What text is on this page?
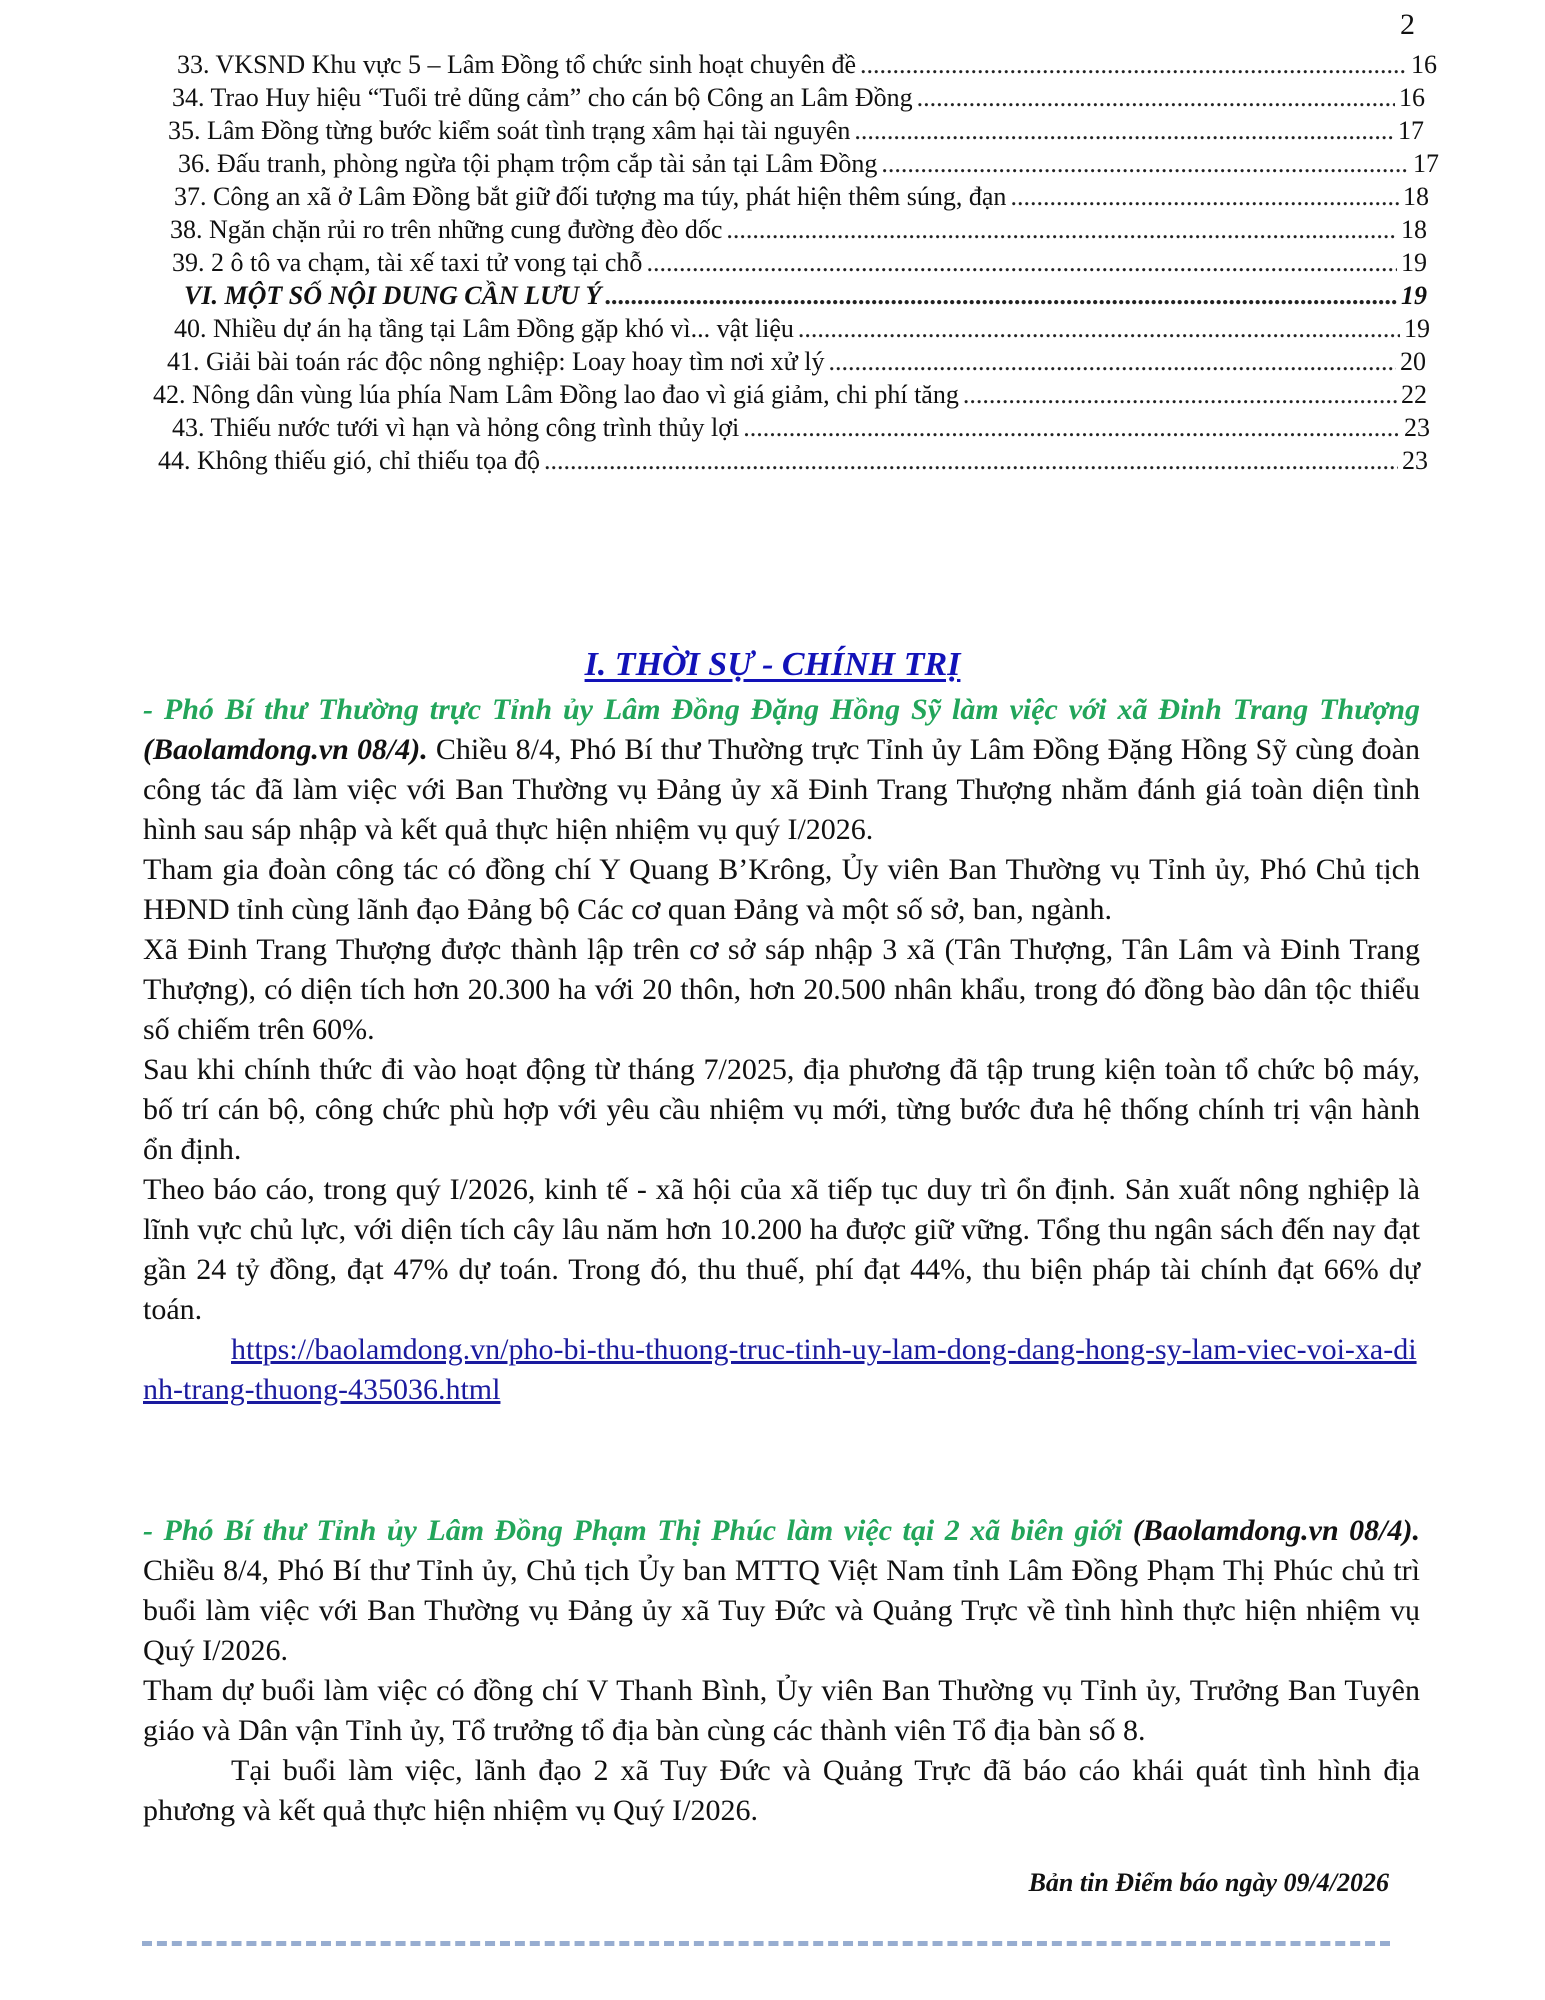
2
33. VKSND Khu vực 5 – Lâm Đồng tổ chức sinh hoạt chuyên đề .....	16
34. Trao Huy hiệu “Tuổi trẻ dũng cảm” cho cán bộ Công an Lâm Đồng .....	16
35. Lâm Đồng từng bước kiểm soát tình trạng xâm hại tài nguyên .....	17
36. Đấu tranh, phòng ngừa tội phạm trộm cắp tài sản tại Lâm Đồng .....	17
37. Công an xã ở Lâm Đồng bắt giữ đối tượng ma túy, phát hiện thêm súng, đạn .....	18
38. Ngăn chặn rủi ro trên những cung đường đèo dốc .....	18
39. 2 ô tô va chạm, tài xế taxi tử vong tại chỗ .....	19
VI. MỘT SỐ NỘI DUNG CẦN LƯU Ý .....	19
40. Nhiều dự án hạ tầng tại Lâm Đồng gặp khó vì... vật liệu .....	19
41. Giải bài toán rác độc nông nghiệp: Loay hoay tìm nơi xử lý .....	20
42. Nông dân vùng lúa phía Nam Lâm Đồng lao đao vì giá giảm, chi phí tăng .....	22
43. Thiếu nước tưới vì hạn và hỏng công trình thủy lợi .....	23
44. Không thiếu gió, chỉ thiếu tọa độ .....	23
I. THỜI SỰ - CHÍNH TRỊ

- Phó Bí thư Thường trực Tỉnh ủy Lâm Đồng Đặng Hồng Sỹ làm việc với xã Đinh Trang Thượng (Baolamdong.vn 08/4). Chiều 8/4, Phó Bí thư Thường trực Tỉnh ủy Lâm Đồng Đặng Hồng Sỹ cùng đoàn công tác đã làm việc với Ban Thường vụ Đảng ủy xã Đinh Trang Thượng nhằm đánh giá toàn diện tình hình sau sáp nhập và kết quả thực hiện nhiệm vụ quý I/2026.

Tham gia đoàn công tác có đồng chí Y Quang B’Krông, Ủy viên Ban Thường vụ Tỉnh ủy, Phó Chủ tịch HĐND tỉnh cùng lãnh đạo Đảng bộ Các cơ quan Đảng và một số sở, ban, ngành.

Xã Đinh Trang Thượng được thành lập trên cơ sở sáp nhập 3 xã (Tân Thượng, Tân Lâm và Đinh Trang Thượng), có diện tích hơn 20.300 ha với 20 thôn, hơn 20.500 nhân khẩu, trong đó đồng bào dân tộc thiểu số chiếm trên 60%.

Sau khi chính thức đi vào hoạt động từ tháng 7/2025, địa phương đã tập trung kiện toàn tổ chức bộ máy, bố trí cán bộ, công chức phù hợp với yêu cầu nhiệm vụ mới, từng bước đưa hệ thống chính trị vận hành ổn định.

Theo báo cáo, trong quý I/2026, kinh tế - xã hội của xã tiếp tục duy trì ổn định. Sản xuất nông nghiệp là lĩnh vực chủ lực, với diện tích cây lâu năm hơn 10.200 ha được giữ vững. Tổng thu ngân sách đến nay đạt gần 24 tỷ đồng, đạt 47% dự toán. Trong đó, thu thuế, phí đạt 44%, thu biện pháp tài chính đạt 66% dự toán.

https://baolamdong.vn/pho-bi-thu-thuong-truc-tinh-uy-lam-dong-dang-hong-sy-lam-viec-voi-xa-dinh-trang-thuong-435036.html

- Phó Bí thư Tỉnh ủy Lâm Đồng Phạm Thị Phúc làm việc tại 2 xã biên giới (Baolamdong.vn 08/4). Chiều 8/4, Phó Bí thư Tỉnh ủy, Chủ tịch Ủy ban MTTQ Việt Nam tỉnh Lâm Đồng Phạm Thị Phúc chủ trì buổi làm việc với Ban Thường vụ Đảng ủy xã Tuy Đức và Quảng Trực về tình hình thực hiện nhiệm vụ Quý I/2026.

Tham dự buổi làm việc có đồng chí V Thanh Bình, Ủy viên Ban Thường vụ Tỉnh ủy, Trưởng Ban Tuyên giáo và Dân vận Tỉnh ủy, Tổ trưởng tổ địa bàn cùng các thành viên Tổ địa bàn số 8.

Tại buổi làm việc, lãnh đạo 2 xã Tuy Đức và Quảng Trực đã báo cáo khái quát tình hình địa phương và kết quả thực hiện nhiệm vụ Quý I/2026.

Bản tin Điểm báo ngày 09/4/2026
